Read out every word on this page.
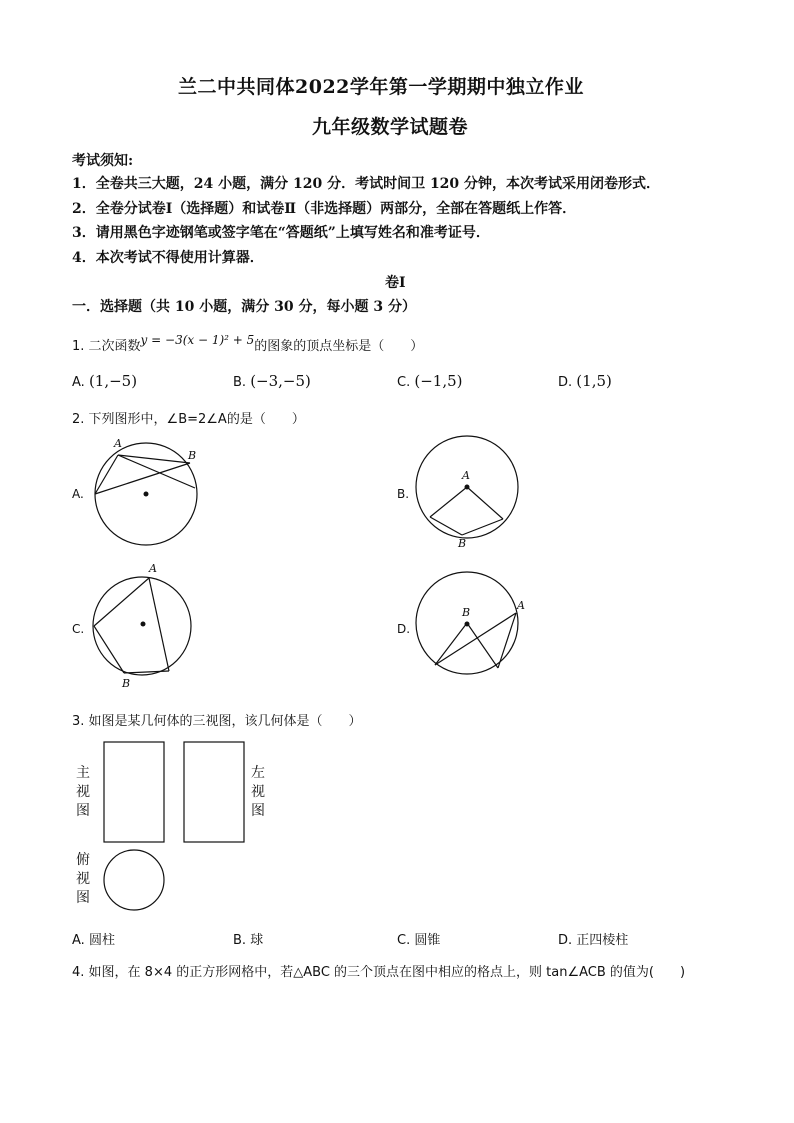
兰二中共同体2022学年第一学期期中独立作业
九年级数学试题卷
考试须知:
1．全卷共三大题，24 小题，满分 120 分．考试时间卫 120 分钟，本次考试采用闭卷形式．
2．全卷分试卷Ⅰ（选择题）和试卷Ⅱ（非选择题）两部分，全部在答题纸上作答．
3．请用黑色字迹钢笔或签字笔在“答题纸”上填写姓名和准考证号．
4．本次考试不得使用计算器．
卷Ⅰ
一．选择题（共 10 小题，满分 30 分，每小题 3 分）
1. 二次函数y = −3(x − 1)² + 5的图象的顶点坐标是（　　）
A. (1,−5)	B. (−3,−5)	C. (−1,5)	D. (1,5)
2. 下列图形中，∠B=2∠A的是（　　）
A.
A
B
A
B
A
B
A
B
B.
C.	D.
3. 如图是某几何体的三视图，该几何体是（　　）
主视图
左视图
俯视图
A. 圆柱	B. 球	C. 圆锥	D. 正四棱柱
4. 如图，在 8×4 的正方形网格中，若△ABC 的三个顶点在图中相应的格点上，则 tan∠ACB 的值为(　　)
